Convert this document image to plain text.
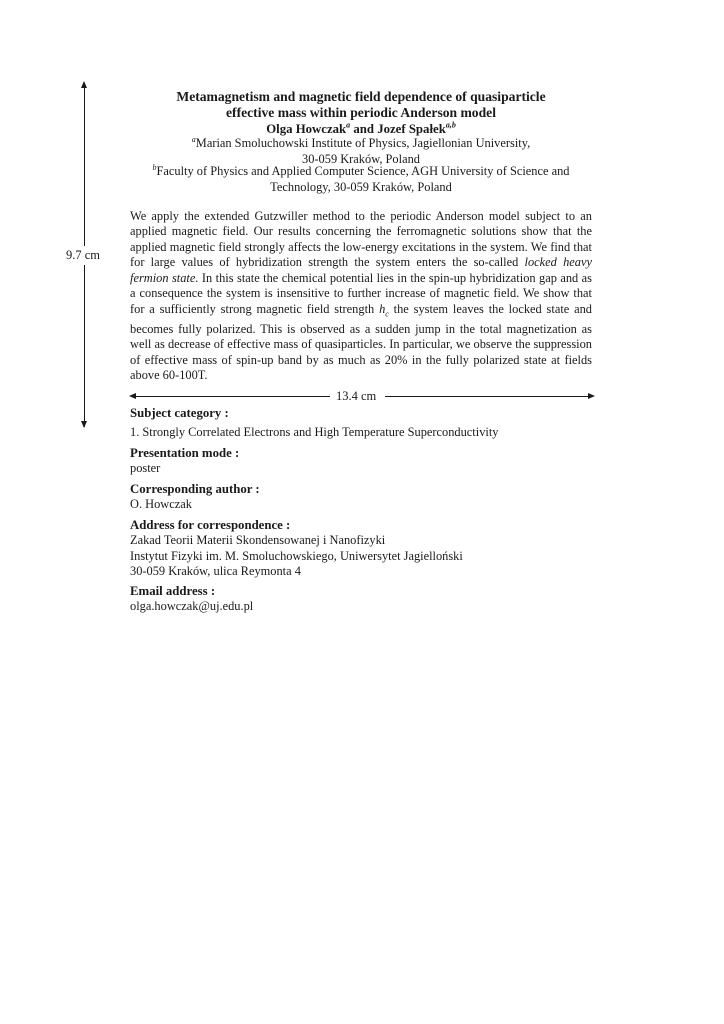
9.7 cm
Metamagnetism and magnetic field dependence of quasiparticle
effective mass within periodic Anderson model
Olga Howczak$^a$ and Jozef Spałek$^{a,b}$
$^a$Marian Smoluchowski Institute of Physics, Jagiellonian University,
30-059 Kraków, Poland
$^b$Faculty of Physics and Applied Computer Science, AGH University of Science and
Technology, 30-059 Kraków, Poland
We apply the extended Gutzwiller method to the periodic Anderson model subject to an applied magnetic field. Our results concerning the ferromagnetic solutions show that the applied magnetic field strongly affects the low-energy excitations in the system. We find that for large values of hybridization strength the system enters the so-called locked heavy fermion state. In this state the chemical potential lies in the spin-up hybridization gap and as a consequence the system is insensitive to further increase of magnetic field. We show that for a sufficiently strong magnetic field strength $h_c$ the system leaves the locked state and becomes fully polarized. This is observed as a sudden jump in the total magnetization as well as decrease of effective mass of quasiparticles. In particular, we observe the suppression of effective mass of spin-up band by as much as 20% in the fully polarized state at fields above 60-100T.
13.4 cm
Subject category :
1. Strongly Correlated Electrons and High Temperature Superconductivity
Presentation mode :
poster
Corresponding author :
O. Howczak
Address for correspondence :
Zakad Teorii Materii Skondensowanej i Nanofizyki
Instytut Fizyki im. M. Smoluchowskiego, Uniwersytet Jagielloński
30-059 Kraków, ulica Reymonta 4
Email address :
olga.howczak@uj.edu.pl
